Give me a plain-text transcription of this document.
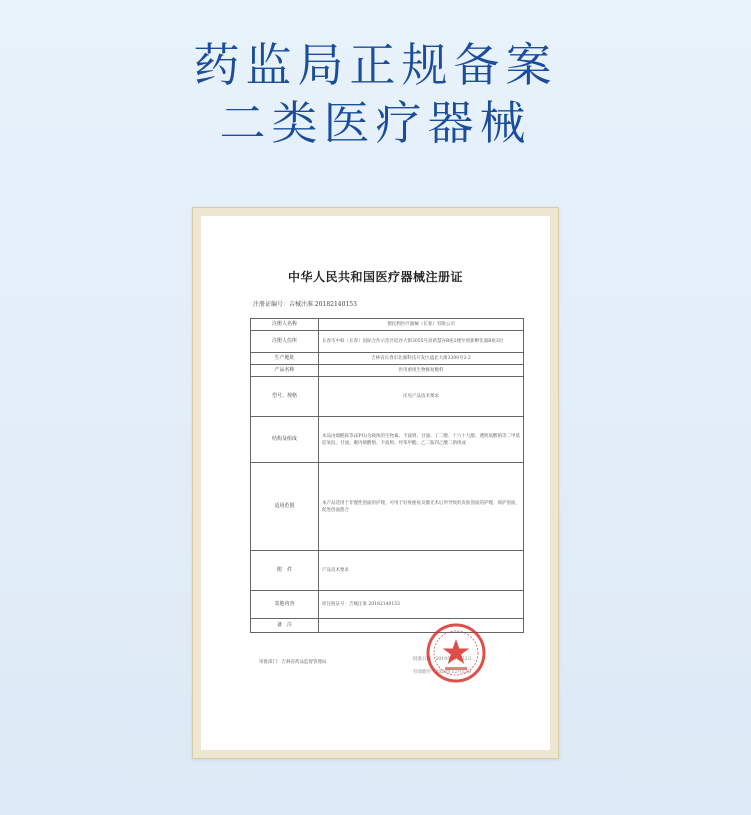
药监局正规备案
二类医疗器械
中华人民共和国医疗器械注册证
注册证编号：吉械注准 20182140153
注册人名称	德民利医疗器械（长春）有限公司
注册人住所	长春市中韩（长春）国际合作示范区硅谷大街3055号高新慧谷B座2楼至创新孵化器B座3层
生产地址	吉林省长春市北湖科技开发区盛北大街3300号2-2
产品名称	医用重组生物修复敷料
型号、规格	详见产品技术要求
结构及组成	本品由烟酰胺等(EPO)为载体的生物素、卡波姆、甘油、丁二醇、十六十九醇、透明质酸钠等二甲基硅氧烷、甘油、聚丙烯酸钠、卡波姆、羟苯甲酯、乙二胺四乙酸二钠组成
适用范围	本产品适用于非慢性创面的护理，可用于轻度痤疮及激光术后所导致的皮肤创面的护理，保护创面，促进创面愈合
附　件	产品技术要求
其他内容	原注册证号：吉械注准 20182140153
备　注	
审批部门：吉林省药品监督管理局
批准日期：2019年01月22日
有效期至：2023年12月12日
